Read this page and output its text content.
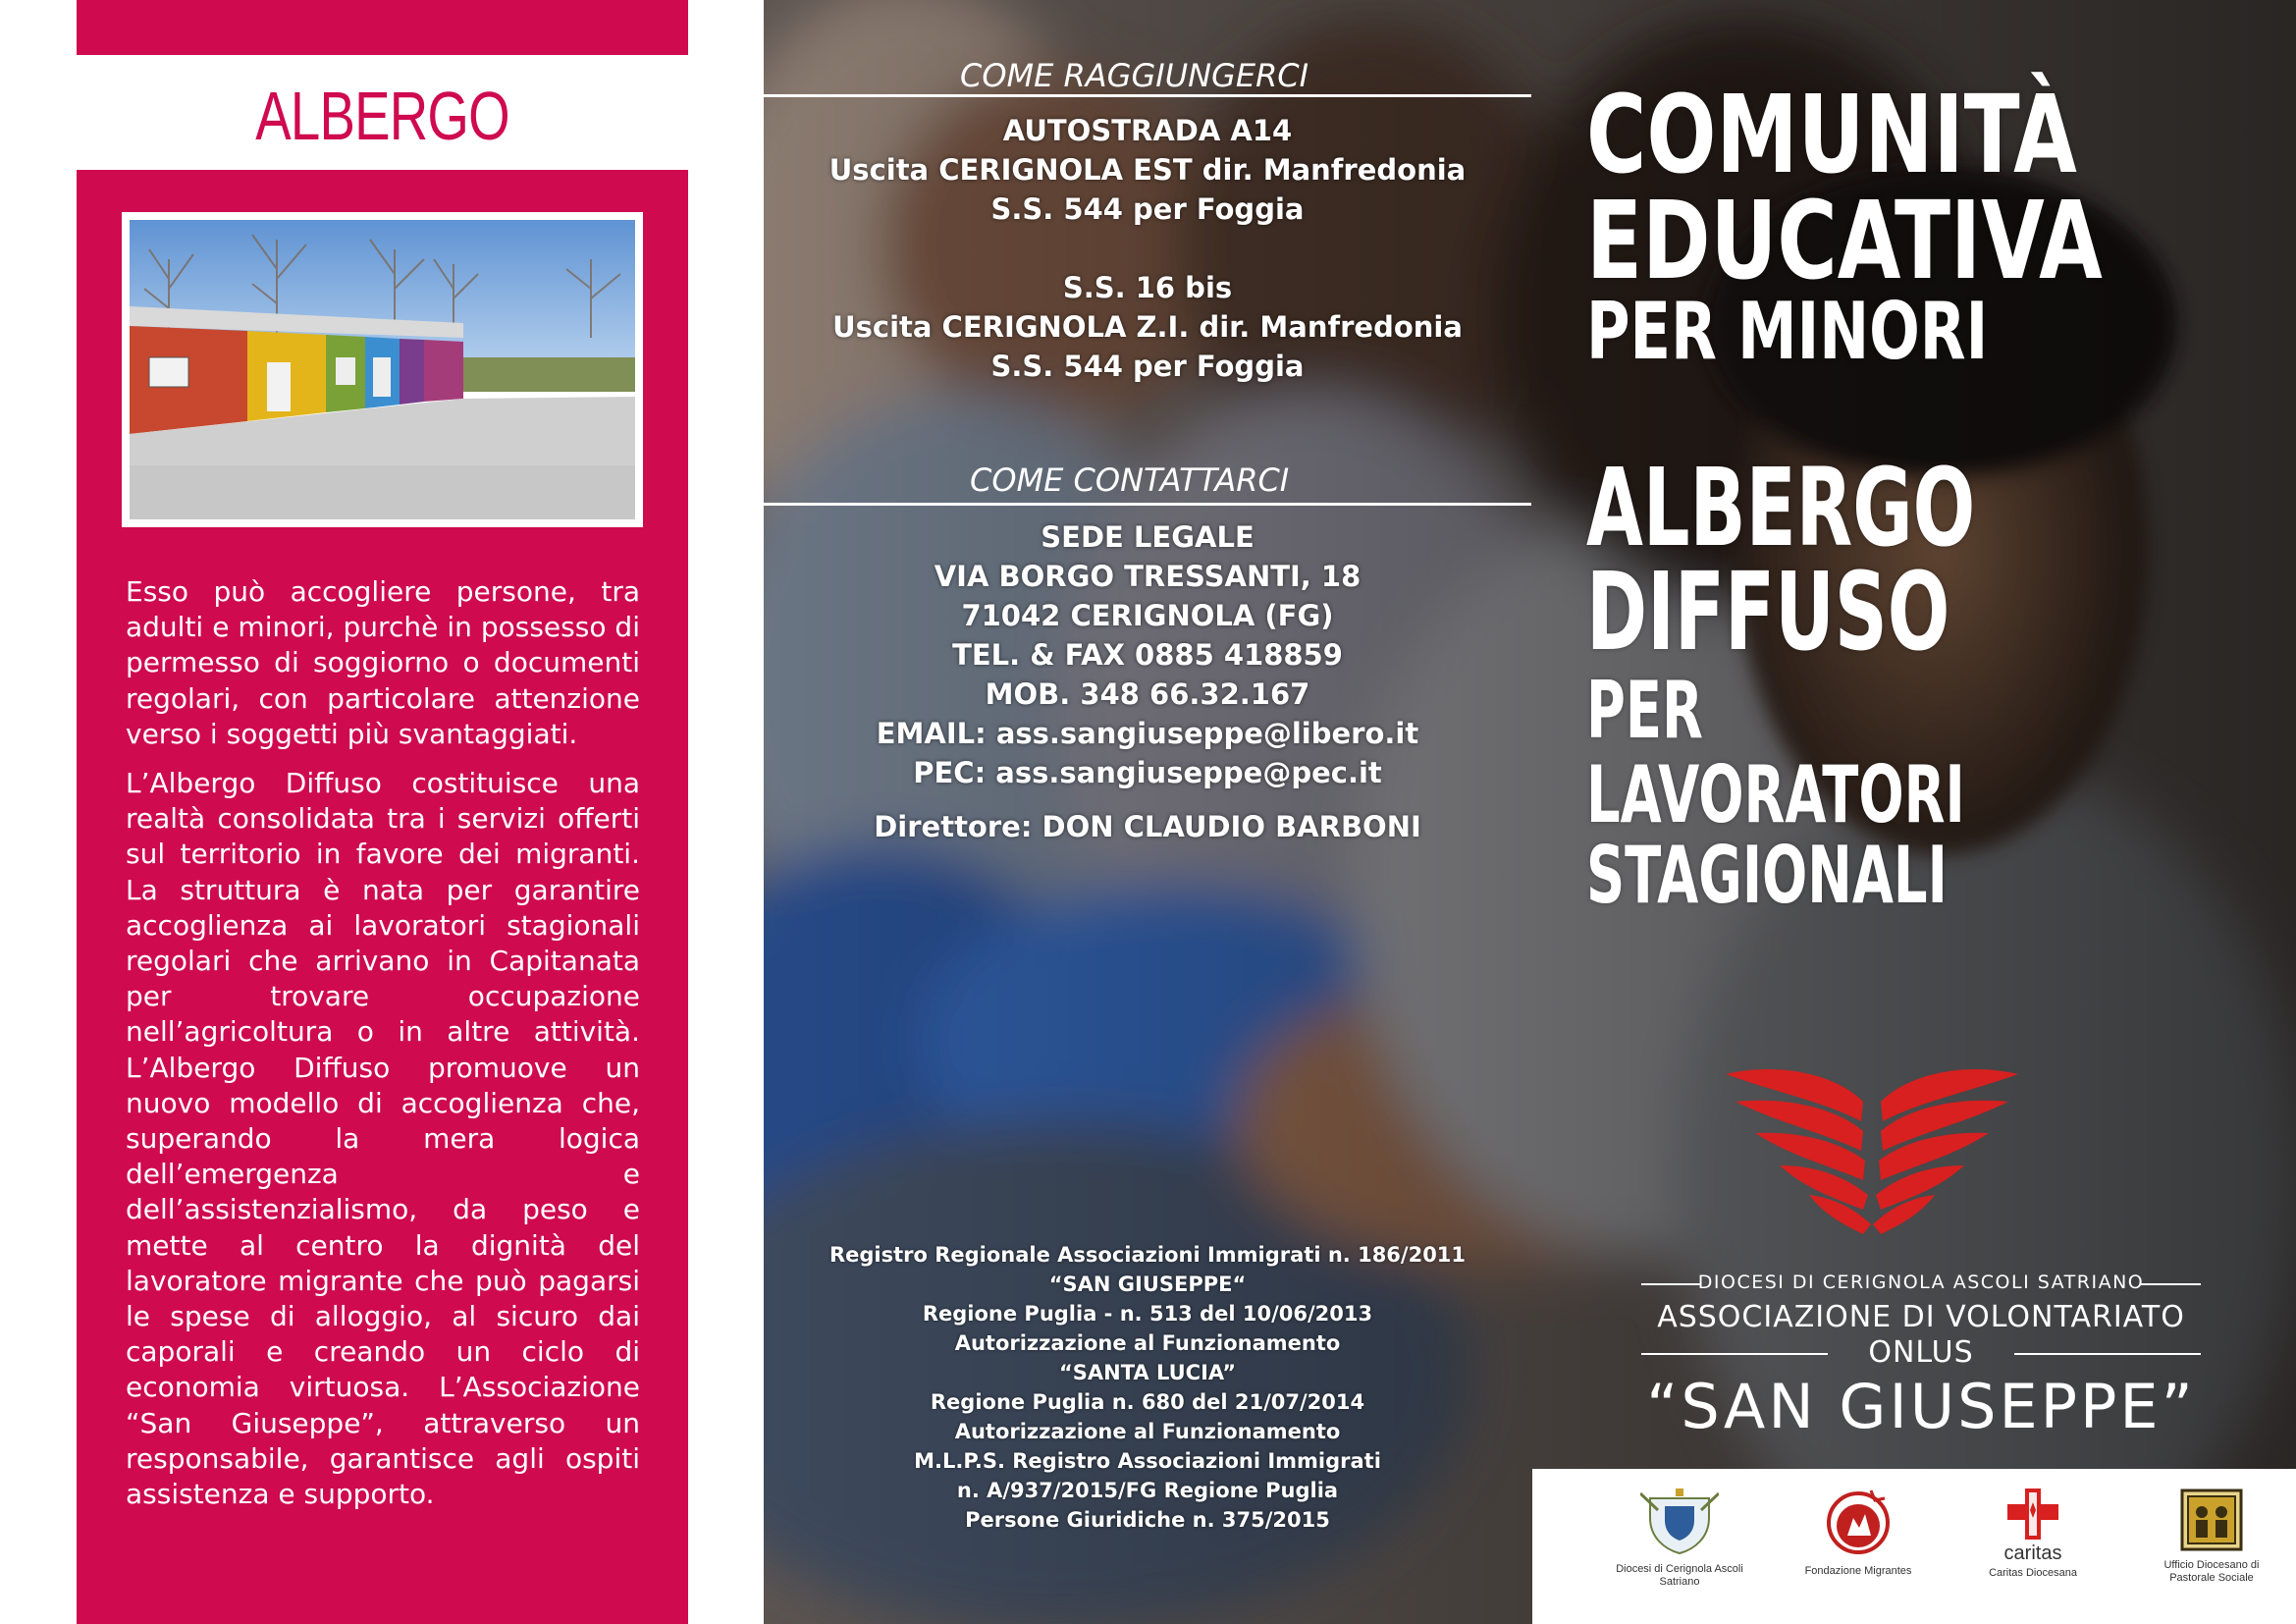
ALBERGO

Esso può accogliere persone, tra adulti e minori, purchè in possesso di permesso di soggiorno o documenti regolari, con particolare attenzione verso i soggetti più svantaggiati.

L’Albergo Diffuso costituisce una realtà consolidata tra i servizi offerti sul territorio in favore dei migranti. La struttura è nata per garantire accoglienza ai lavoratori stagionali regolari che arrivano in Capitanata per trovare occupazione nell’agricoltura o in altre attività. L’Albergo Diffuso promuove un nuovo modello di accoglienza che, superando la mera logica dell’emergenza e dell’assistenzialismo, da peso e mette al centro la dignità del lavoratore migrante che può pagarsi le spese di alloggio, al sicuro dai caporali e creando un ciclo di economia virtuosa. L’Associazione “San Giuseppe”, attraverso un responsabile, garantisce agli ospiti assistenza e supporto.

COME RAGGIUNGERCI
AUTOSTRADA A14
Uscita CERIGNOLA EST dir. Manfredonia
S.S. 544 per Foggia
S.S. 16 bis
Uscita CERIGNOLA Z.I. dir. Manfredonia
S.S. 544 per Foggia
COME CONTATTARCI
SEDE LEGALE
VIA BORGO TRESSANTI, 18
71042 CERIGNOLA (FG)
TEL. & FAX 0885 418859
MOB. 348 66.32.167
EMAIL: ass.sangiuseppe@libero.it
PEC: ass.sangiuseppe@pec.it
Direttore: DON CLAUDIO BARBONI
Registro Regionale Associazioni Immigrati n. 186/2011
“SAN GIUSEPPE“
Regione Puglia - n. 513 del 10/06/2013
Autorizzazione al Funzionamento
“SANTA LUCIA”
Regione Puglia n. 680 del 21/07/2014
Autorizzazione al Funzionamento
M.L.P.S. Registro Associazioni Immigrati
n. A/937/2015/FG Regione Puglia
Persone Giuridiche n. 375/2015
COMUNITÀ
EDUCATIVA
PER MINORI
ALBERGO
DIFFUSO
PER
LAVORATORI
STAGIONALI
DIOCESI DI CERIGNOLA ASCOLI SATRIANO
ASSOCIAZIONE DI VOLONTARIATO
ONLUS
“SAN GIUSEPPE”
Diocesi di Cerignola Ascoli Satriano
Fondazione Migrantes
caritas
Caritas Diocesana
Ufficio Diocesano di Pastorale Sociale
